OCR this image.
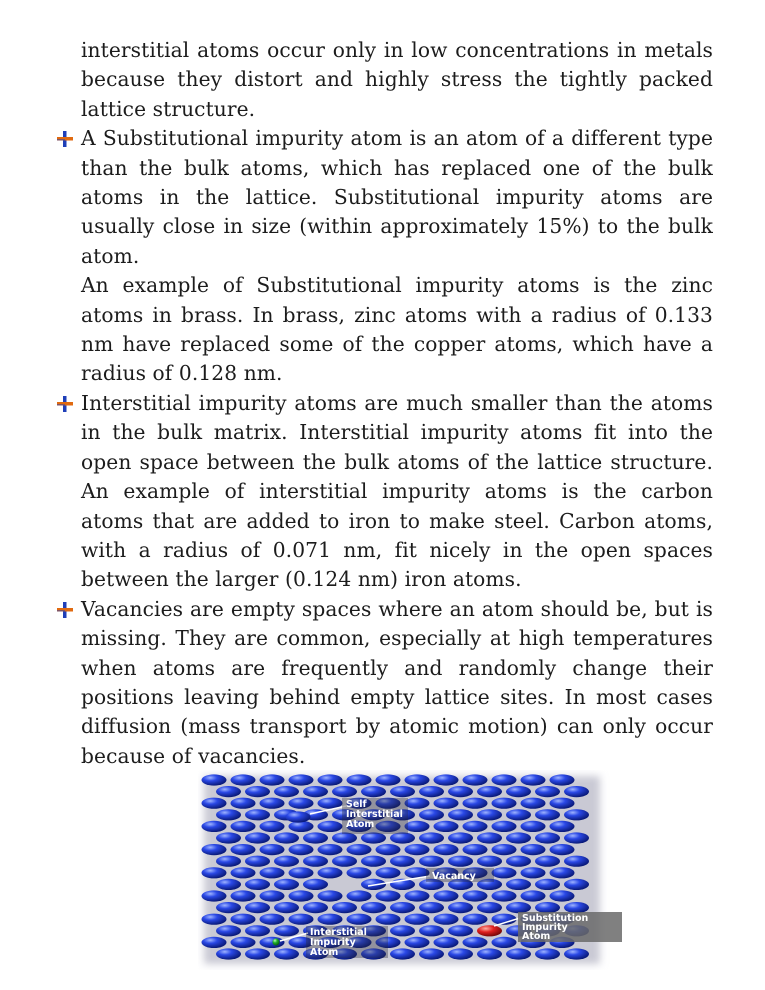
interstitial atoms occur only in low concentrations in metals because they distort and highly stress the tightly packed lattice structure.

A Substitutional impurity atom is an atom of a different type than the bulk atoms, which has replaced one of the bulk atoms in the lattice. Substitutional impurity atoms are usually close in size (within approximately 15%) to the bulk atom.

An example of Substitutional impurity atoms is the zinc atoms in brass. In brass, zinc atoms with a radius of 0.133 nm have replaced some of the copper atoms, which have a radius of 0.128 nm.

Interstitial impurity atoms are much smaller than the atoms in the bulk matrix. Interstitial impurity atoms fit into the open space between the bulk atoms of the lattice structure. An example of interstitial impurity atoms is the carbon atoms that are added to iron to make steel. Carbon atoms, with a radius of 0.071 nm, fit nicely in the open spaces between the larger (0.124 nm) iron atoms.

Vacancies are empty spaces where an atom should be, but is missing. They are common, especially at high temperatures when atoms are frequently and randomly change their positions leaving behind empty lattice sites. In most cases diffusion (mass transport by atomic motion) can only occur because of vacancies.

Self
Interstitial
Atom
Vacancy
Substitution
Impurity
Atom
Interstitial
Impurity
Atom
